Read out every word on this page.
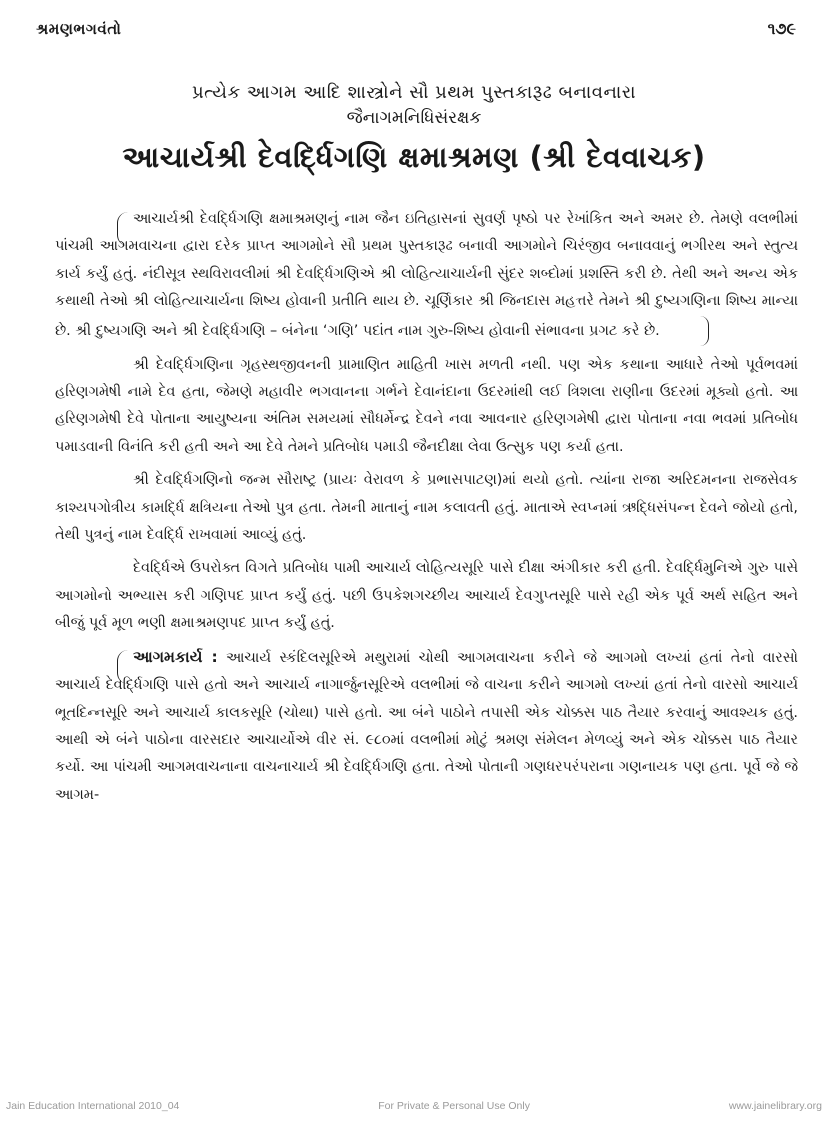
શ્રમણભગવંતો	૧૭૯
પ્રત્યેક આગમ આદિ શાસ્ત્રોને સૌ પ્રથમ પુસ્તકારૂઢ બનાવનારા
જૈનાગમનિધિસંરક્ષક
આચાર્યશ્રી દેવર્દ્ધિગણિ ક્ષમાશ્રમણ (શ્રી દેવવાચક)

આચાર્યશ્રી દેવર્દ્ધિગણિ ક્ષમાશ્રમણનું નામ જૈન ઇતિહાસનાં સુવર્ણ પૃષ્ઠો પર રેખાંકિત અને અમર છે. તેમણે વલભીમાં પાંચમી આગમવાચના દ્વારા દરેક પ્રાપ્ત આગમોને સૌ પ્રથમ પુસ્તકારૂઢ બનાવી આગમોને ચિરંજીવ બનાવવાનું ભગીરથ અને સ્તુત્ય કાર્ય કર્યું હતું. નંદીસૂત્ર સ્થવિરાવલીમાં શ્રી દેવર્દ્ધિગણિએ શ્રી લોહિત્યાચાર્યની સુંદર શબ્દોમાં પ્રશસ્તિ કરી છે. તેથી અને અન્ય એક કથાથી તેઓ શ્રી લોહિત્યાચાર્યના શિષ્ય હોવાની પ્રતીતિ થાય છે. ચૂર્ણિકાર શ્રી જિનદાસ મહત્તરે તેમને શ્રી દુષ્યગણિના શિષ્ય માન્યા છે. શ્રી દુષ્યગણિ અને શ્રી દેવર્દ્ધિગણિ – બંનેના ‘ગણિ’ પદાંત નામ ગુરુ-શિષ્ય હોવાની સંભાવના પ્રગટ કરે છે.

શ્રી દેવર્દ્ધિગણિના ગૃહસ્થજીવનની પ્રામાણિત માહિતી ખાસ મળતી નથી. પણ એક કથાના આધારે તેઓ પૂર્વભવમાં હરિણગમેષી નામે દેવ હતા, જેમણે મહાવીર ભગવાનના ગર્ભને દેવાનંદાના ઉદરમાંથી લઈ ત્રિશલા રાણીના ઉદરમાં મૂક્યો હતો. આ હરિણગમેષી દેવે પોતાના આયુષ્યના અંતિમ સમયમાં સૌધર્મેન્દ્ર દેવને નવા આવનાર હરિણગમેષી દ્વારા પોતાના નવા ભવમાં પ્રતિબોધ પમાડવાની વિનંતિ કરી હતી અને આ દેવે તેમને પ્રતિબોધ પમાડી જૈનદીક્ષા લેવા ઉત્સુક પણ કર્યા હતા.

શ્રી દેવર્દ્ધિગણિનો જન્મ સૌરાષ્ટ્ર (પ્રાયઃ વેરાવળ કે પ્રભાસપાટણ)માં થયો હતો. ત્યાંના રાજા અરિદમનના રાજસેવક કાશ્યપગોત્રીય કામર્દ્ધિ ક્ષત્રિયના તેઓ પુત્ર હતા. તેમની માતાનું નામ કલાવતી હતું. માતાએ સ્વપ્નમાં ઋદ્ધિસંપન્ન દેવને જોયો હતો, તેથી પુત્રનું નામ દેવર્દ્ધિ રાખવામાં આવ્યું હતું.

દેવર્દ્ધિએ ઉપરોક્ત વિગતે પ્રતિબોધ પામી આચાર્ય લોહિત્યસૂરિ પાસે દીક્ષા અંગીકાર કરી હતી. દેવર્દ્ધિમુનિએ ગુરુ પાસે આગમોનો અભ્યાસ કરી ગણિપદ પ્રાપ્ત કર્યું હતું. પછી ઉપકેશગચ્છીય આચાર્ય દેવગુપ્તસૂરિ પાસે રહી એક પૂર્વ અર્થ સહિત અને બીજું પૂર્વ મૂળ ભણી ક્ષમાશ્રમણપદ પ્રાપ્ત કર્યું હતું.

આગમકાર્ય : આચાર્ય સ્કંદિલસૂરિએ મથુરામાં ચોથી આગમવાચના કરીને જે આગમો લખ્યાં હતાં તેનો વારસો આચાર્ય દેવર્દ્ધિગણિ પાસે હતો અને આચાર્ય નાગાર્જુનસૂરિએ વલભીમાં જે વાચના કરીને આગમો લખ્યાં હતાં તેનો વારસો આચાર્ય ભૂતદિન્નસૂરિ અને આચાર્ય કાલકસૂરિ (ચોથા) પાસે હતો. આ બંને પાઠોને તપાસી એક ચોક્કસ પાઠ તૈયાર કરવાનું આવશ્યક હતું. આથી એ બંને પાઠોના વારસદાર આચાર્યોએ વીર સં. ૯૮૦માં વલભીમાં મોટું શ્રમણ સંમેલન મેળવ્યું અને એક ચોક્કસ પાઠ તૈયાર કર્યો. આ પાંચમી આગમવાચનાના વાચનાચાર્ય શ્રી દેવર્દ્ધિગણિ હતા. તેઓ પોતાની ગણધરપરંપરાના ગણનાયક પણ હતા. પૂર્વે જે જે આગમ-

Jain Education International 2010_04	For Private & Personal Use Only	www.jainelibrary.org
